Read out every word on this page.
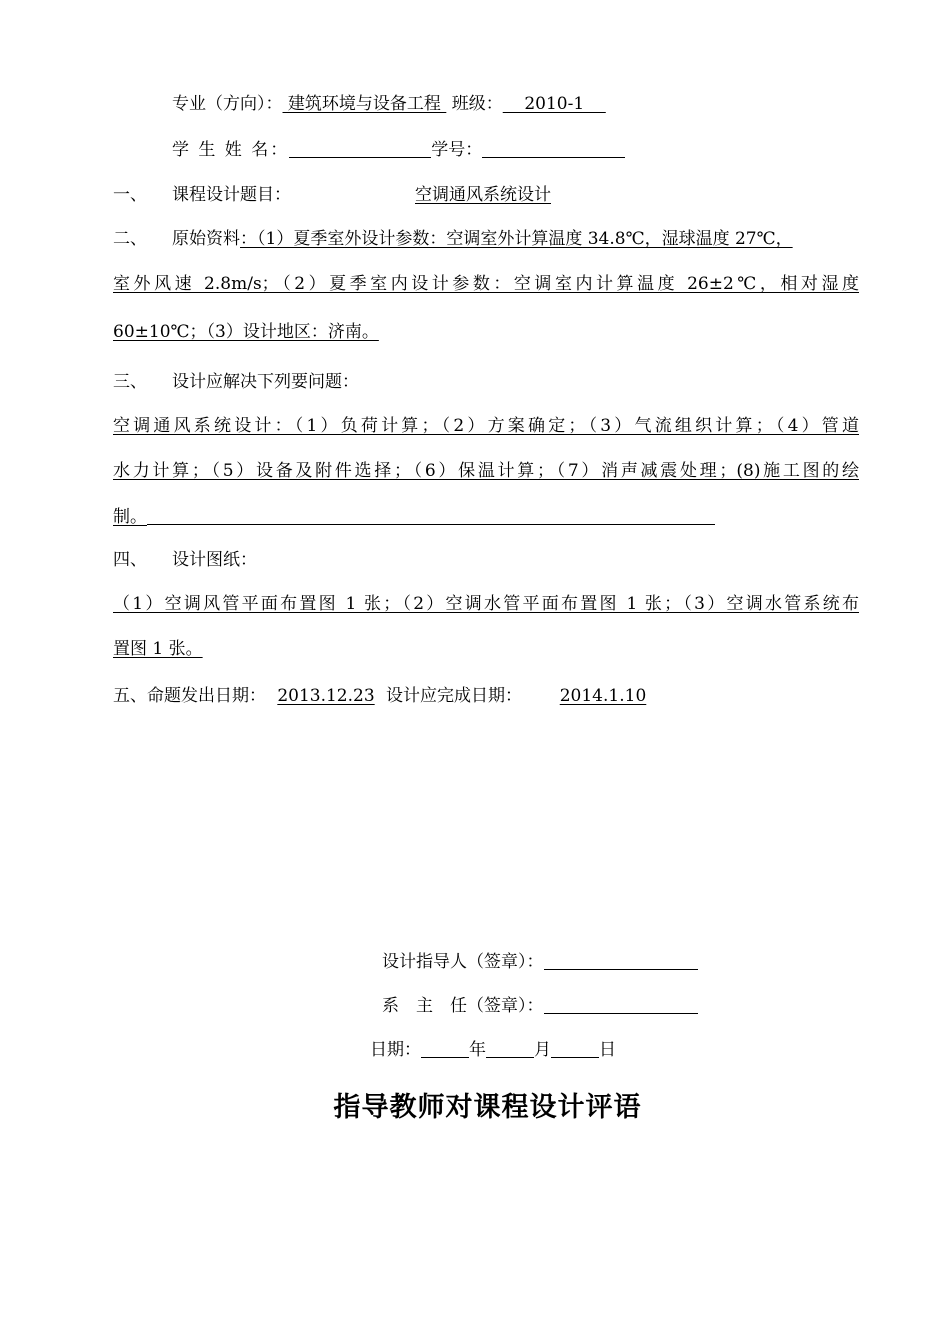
专业（方向）： 建筑环境与设备工程  班级：    2010-1
学 生 姓 名：	学号：
一、 课程设计题目：	空调通风系统设计
二、 原始资料：（1）夏季室外设计参数：空调室外计算温度 34.8℃，湿球温度 27℃，
室外风速 2.8m/s；（2）夏季室内设计参数：空调室内计算温度 26±2℃，相对湿度
60±10℃；（3）设计地区：济南。
三、 设计应解决下列要问题：
空调通风系统设计：（1）负荷计算；（2）方案确定；（3）气流组织计算；（4）管道
水力计算；（5）设备及附件选择；（6）保温计算；（7）消声减震处理；(8)施工图的绘
制。
四、 设计图纸：
（1）空调风管平面布置图 1 张；（2）空调水管平面布置图 1 张；（3）空调水管系统布
置图 1 张。
五、命题发出日期： 2013.12.23 设计应完成日期： 2014.1.10
设计指导人（签章）：
系　主　任（签章）：
日期：	年	月	日
指导教师对课程设计评语
